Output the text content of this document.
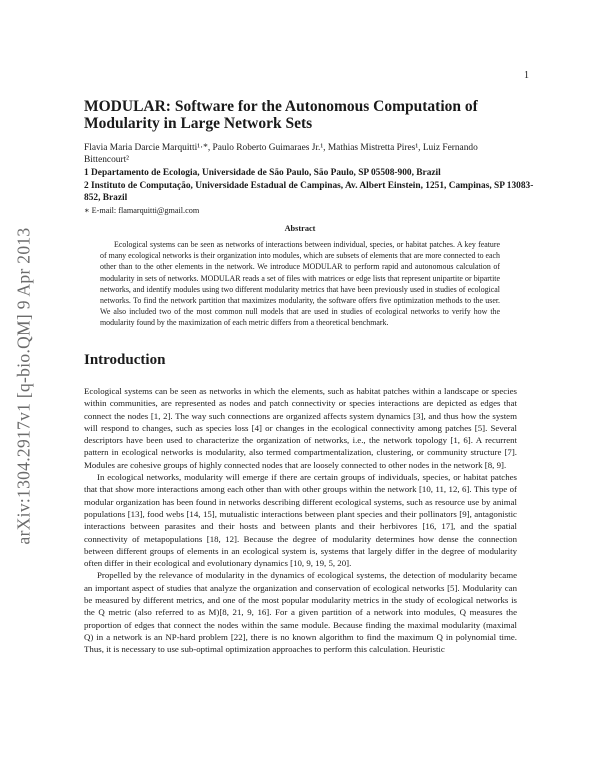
arXiv:1304.2917v1 [q-bio.QM] 9 Apr 2013
1
MODULAR: Software for the Autonomous Computation of Modularity in Large Network Sets
Flavia Maria Darcie Marquitti¹·*, Paulo Roberto Guimaraes Jr.¹, Mathias Mistretta Pires¹, Luiz Fernando Bittencourt²
1 Departamento de Ecologia, Universidade de São Paulo, São Paulo, SP 05508-900, Brazil
2 Instituto de Computação, Universidade Estadual de Campinas, Av. Albert Einstein, 1251, Campinas, SP 13083-852, Brazil
∗ E-mail: flamarquitti@gmail.com
Abstract

Ecological systems can be seen as networks of interactions between individual, species, or habitat patches. A key feature of many ecological networks is their organization into modules, which are subsets of elements that are more connected to each other than to the other elements in the network. We introduce MODULAR to perform rapid and autonomous calculation of modularity in sets of networks. MODULAR reads a set of files with matrices or edge lists that represent unipartite or bipartite networks, and identify modules using two different modularity metrics that have been previously used in studies of ecological networks. To find the network partition that maximizes modularity, the software offers five optimization methods to the user. We also included two of the most common null models that are used in studies of ecological networks to verify how the modularity found by the maximization of each metric differs from a theoretical benchmark.

Introduction

Ecological systems can be seen as networks in which the elements, such as habitat patches within a landscape or species within communities, are represented as nodes and patch connectivity or species interactions are depicted as edges that connect the nodes [1, 2]. The way such connections are organized affects system dynamics [3], and thus how the system will respond to changes, such as species loss [4] or changes in the ecological connectivity among patches [5]. Several descriptors have been used to characterize the organization of networks, i.e., the network topology [1, 6]. A recurrent pattern in ecological networks is modularity, also termed compartmentalization, clustering, or community structure [7]. Modules are cohesive groups of highly connected nodes that are loosely connected to other nodes in the network [8, 9].

In ecological networks, modularity will emerge if there are certain groups of individuals, species, or habitat patches that that show more interactions among each other than with other groups within the network [10, 11, 12, 6]. This type of modular organization has been found in networks describing different ecological systems, such as resource use by animal populations [13], food webs [14, 15], mutualistic interactions between plant species and their pollinators [9], antagonistic interactions between parasites and their hosts and between plants and their herbivores [16, 17], and the spatial connectivity of metapopulations [18, 12]. Because the degree of modularity determines how dense the connection between different groups of elements in an ecological system is, systems that largely differ in the degree of modularity often differ in their ecological and evolutionary dynamics [10, 9, 19, 5, 20].

Propelled by the relevance of modularity in the dynamics of ecological systems, the detection of modularity became an important aspect of studies that analyze the organization and conservation of ecological networks [5]. Modularity can be measured by different metrics, and one of the most popular modularity metrics in the study of ecological networks is the Q metric (also referred to as M)[8, 21, 9, 16]. For a given partition of a network into modules, Q measures the proportion of edges that connect the nodes within the same module. Because finding the maximal modularity (maximal Q) in a network is an NP-hard problem [22], there is no known algorithm to find the maximum Q in polynomial time. Thus, it is necessary to use sub-optimal optimization approaches to perform this calculation. Heuristic
